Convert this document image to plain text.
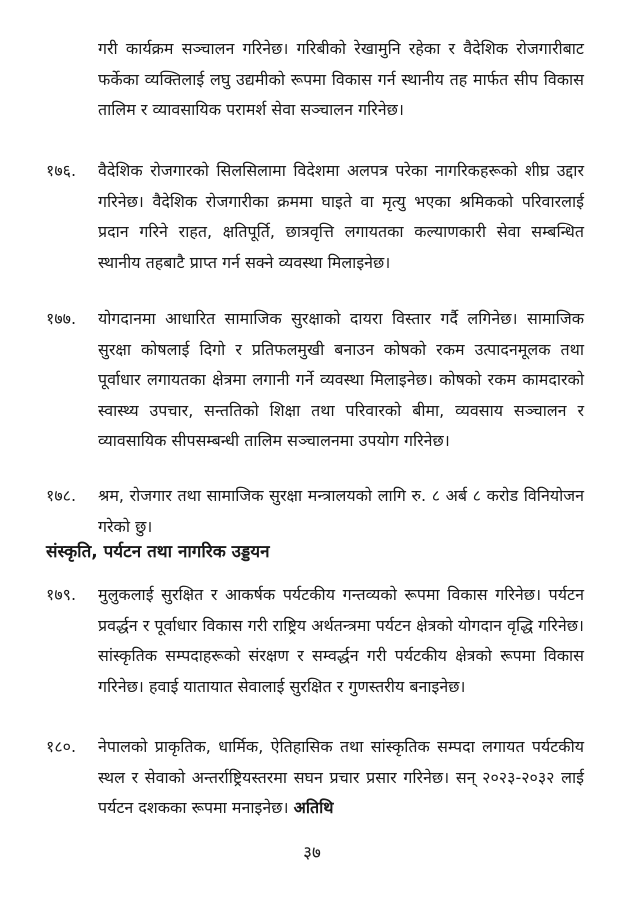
गरी कार्यक्रम सञ्चालन गरिनेछ। गरिबीको रेखामुनि रहेका र वैदेशिक रोजगारीबाट फर्केका व्यक्तिलाई लघु उद्यमीको रूपमा विकास गर्न स्थानीय तह मार्फत सीप विकास तालिम र व्यावसायिक परामर्श सेवा सञ्चालन गरिनेछ।
१७६.	वैदेशिक रोजगारको सिलसिलामा विदेशमा अलपत्र परेका नागरिकहरूको शीघ्र उद्दार गरिनेछ। वैदेशिक रोजगारीका क्रममा घाइते वा मृत्यु भएका श्रमिकको परिवारलाई प्रदान गरिने राहत, क्षतिपूर्ति, छात्रवृत्ति लगायतका कल्याणकारी सेवा सम्बन्धित स्थानीय तहबाटै प्राप्त गर्न सक्ने व्यवस्था मिलाइनेछ।
१७७.	योगदानमा आधारित सामाजिक सुरक्षाको दायरा विस्तार गर्दै लगिनेछ। सामाजिक सुरक्षा कोषलाई दिगो र प्रतिफलमुखी बनाउन कोषको रकम उत्पादनमूलक तथा पूर्वाधार लगायतका क्षेत्रमा लगानी गर्ने व्यवस्था मिलाइनेछ। कोषको रकम कामदारको स्वास्थ्य उपचार, सन्ततिको शिक्षा तथा परिवारको बीमा, व्यवसाय सञ्चालन र व्यावसायिक सीपसम्बन्धी तालिम सञ्चालनमा उपयोग गरिनेछ।
१७८.	श्रम, रोजगार तथा सामाजिक सुरक्षा मन्त्रालयको लागि रु. ८ अर्ब ८ करोड विनियोजन गरेको छु।
संस्कृति, पर्यटन तथा नागरिक उड्डयन
१७९.	मुलुकलाई सुरक्षित र आकर्षक पर्यटकीय गन्तव्यको रूपमा विकास गरिनेछ। पर्यटन प्रवर्द्धन र पूर्वाधार विकास गरी राष्ट्रिय अर्थतन्त्रमा पर्यटन क्षेत्रको योगदान वृद्धि गरिनेछ। सांस्कृतिक सम्पदाहरूको संरक्षण र सम्वर्द्धन गरी पर्यटकीय क्षेत्रको रूपमा विकास गरिनेछ। हवाई यातायात सेवालाई सुरक्षित र गुणस्तरीय बनाइनेछ।
१८०.	नेपालको प्राकृतिक, धार्मिक, ऐतिहासिक तथा सांस्कृतिक सम्पदा लगायत पर्यटकीय स्थल र सेवाको अन्तर्राष्ट्रियस्तरमा सघन प्रचार प्रसार गरिनेछ। सन् २०२३-२०३२ लाई पर्यटन दशकका रूपमा मनाइनेछ। अतिथि
३७
